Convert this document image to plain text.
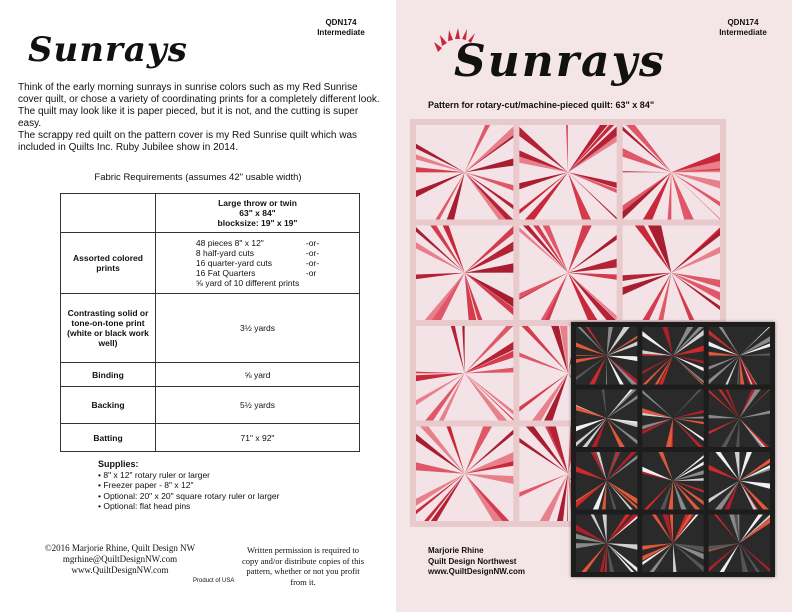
QDN174
Intermediate
Sunrays

Think of the early morning sunrays in sunrise colors such as my Red Sunrise cover quilt, or chose a variety of coordinating prints for a completely different look. The quilt may look like it is paper pieced, but it is not, and the cutting is super easy.

The scrappy red quilt on the pattern cover is my Red Sunrise quilt which was included in Quilts Inc. Ruby Jubilee show in 2014.

Fabric Requirements (assumes 42" usable width)

	Large throw or twin
63" x 84"
blocksize: 19" x 19"

Assorted colored prints	48 pieces 8" x 12" -or-
8 half-yard cuts -or-
16 quarter-yard cuts -or-
16 Fat Quarters -or
⅝ yard of 10 different prints

Contrasting solid or tone-on-tone print (white or black work well)	3½ yards
Binding	⅝ yard
Backing	5½ yards
Batting	71" x 92"
Supplies:
• 8" x 12" rotary ruler or larger
• Freezer paper - 8" x 12"
• Optional: 20" x 20" square rotary ruler or larger
• Optional: flat head pins
©2016 Marjorie Rhine, Quilt Design NW
mgrhine@QuiltDesignNW.com
www.QuiltDesignNW.com
Written permission is required to copy and/or distribute copies of this pattern, whether or not you profit from it.
Product of USA
QDN174
Intermediate
Sunrays
Pattern for rotary-cut/machine-pieced quilt: 63" x 84"
Marjorie Rhine
Quilt Design Northwest
www.QuiltDesignNW.com
